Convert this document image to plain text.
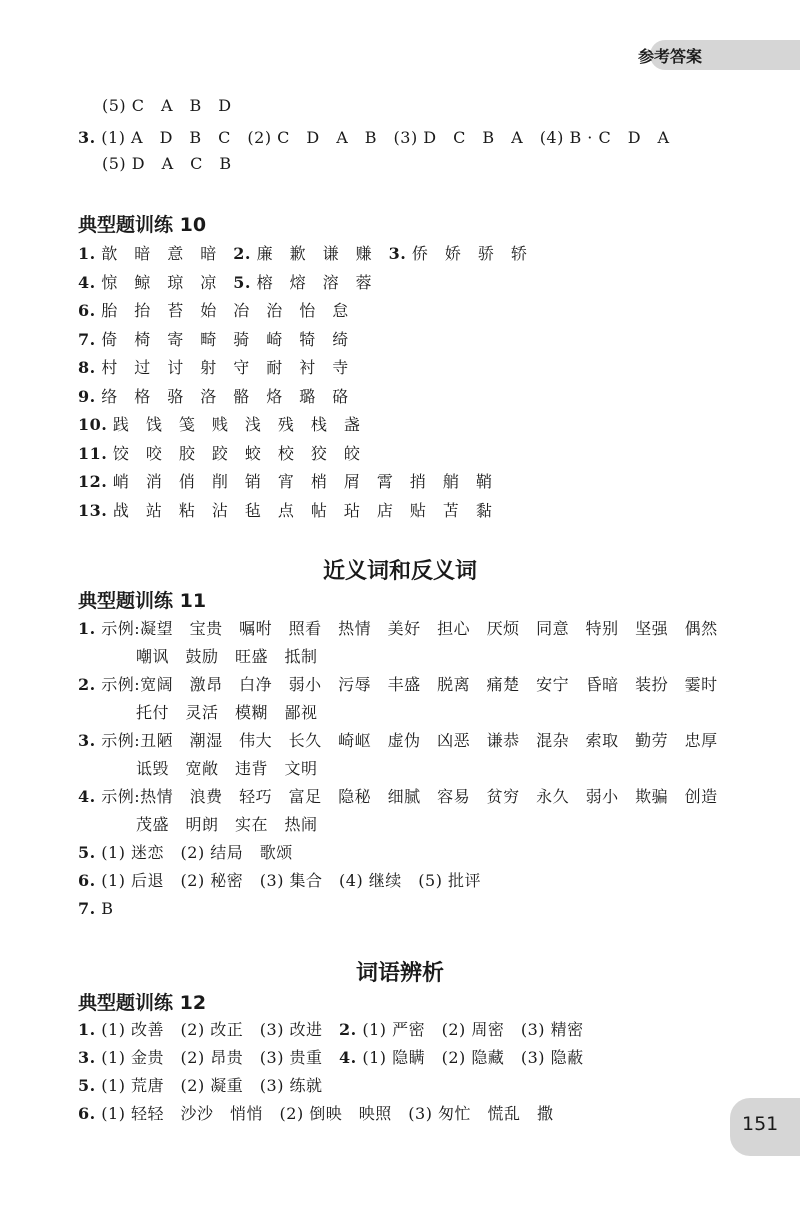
参考答案
(5) C　A　B　D
3. (1) A　D　B　C　(2) C　D　A　B　(3) D　C　B　A　(4) B · C　D　A
(5) D　A　C　B
典型题训练 10
1. 歆　暗　意　暗　2. 廉　歉　谦　赚　3. 侨　娇　骄　轿
4. 惊　鲸　琼　凉　5. 榕　熔　溶　蓉
6. 胎　抬　苔　始　冶　治　怡　怠
7. 倚　椅　寄　畸　骑　崎　犄　绮
8. 村　过　讨　射　守　耐　衬　寺
9. 络　格　骆　洛　骼　烙　璐　硌
10. 践　饯　笺　贱　浅　残　栈　盏
11. 饺　咬　胶　跤　蛟　校　狡　皎
12. 峭　消　俏　削　销　宵　梢　屑　霄　捎　艄　鞘
13. 战　站　粘　沾　毡　点　帖　玷　店　贴　苫　黏
近义词和反义词
典型题训练 11
1. 示例:凝望　宝贵　嘱咐　照看　热情　美好　担心　厌烦　同意　特别　坚强　偶然
嘲讽　鼓励　旺盛　抵制
2. 示例:宽阔　激昂　白净　弱小　污辱　丰盛　脱离　痛楚　安宁　昏暗　装扮　霎时
托付　灵活　模糊　鄙视
3. 示例:丑陋　潮湿　伟大　长久　崎岖　虚伪　凶恶　谦恭　混杂　索取　勤劳　忠厚
诋毁　宽敞　违背　文明
4. 示例:热情　浪费　轻巧　富足　隐秘　细腻　容易　贫穷　永久　弱小　欺骗　创造
茂盛　明朗　实在　热闹
5. (1) 迷恋　(2) 结局　歌颂
6. (1) 后退　(2) 秘密　(3) 集合　(4) 继续　(5) 批评
7. B
词语辨析
典型题训练 12
1. (1) 改善　(2) 改正　(3) 改进　2. (1) 严密　(2) 周密　(3) 精密
3. (1) 金贵　(2) 昂贵　(3) 贵重　4. (1) 隐瞒　(2) 隐藏　(3) 隐蔽
5. (1) 荒唐　(2) 凝重　(3) 练就
6. (1) 轻轻　沙沙　悄悄　(2) 倒映　映照　(3) 匆忙　慌乱　撒	151
